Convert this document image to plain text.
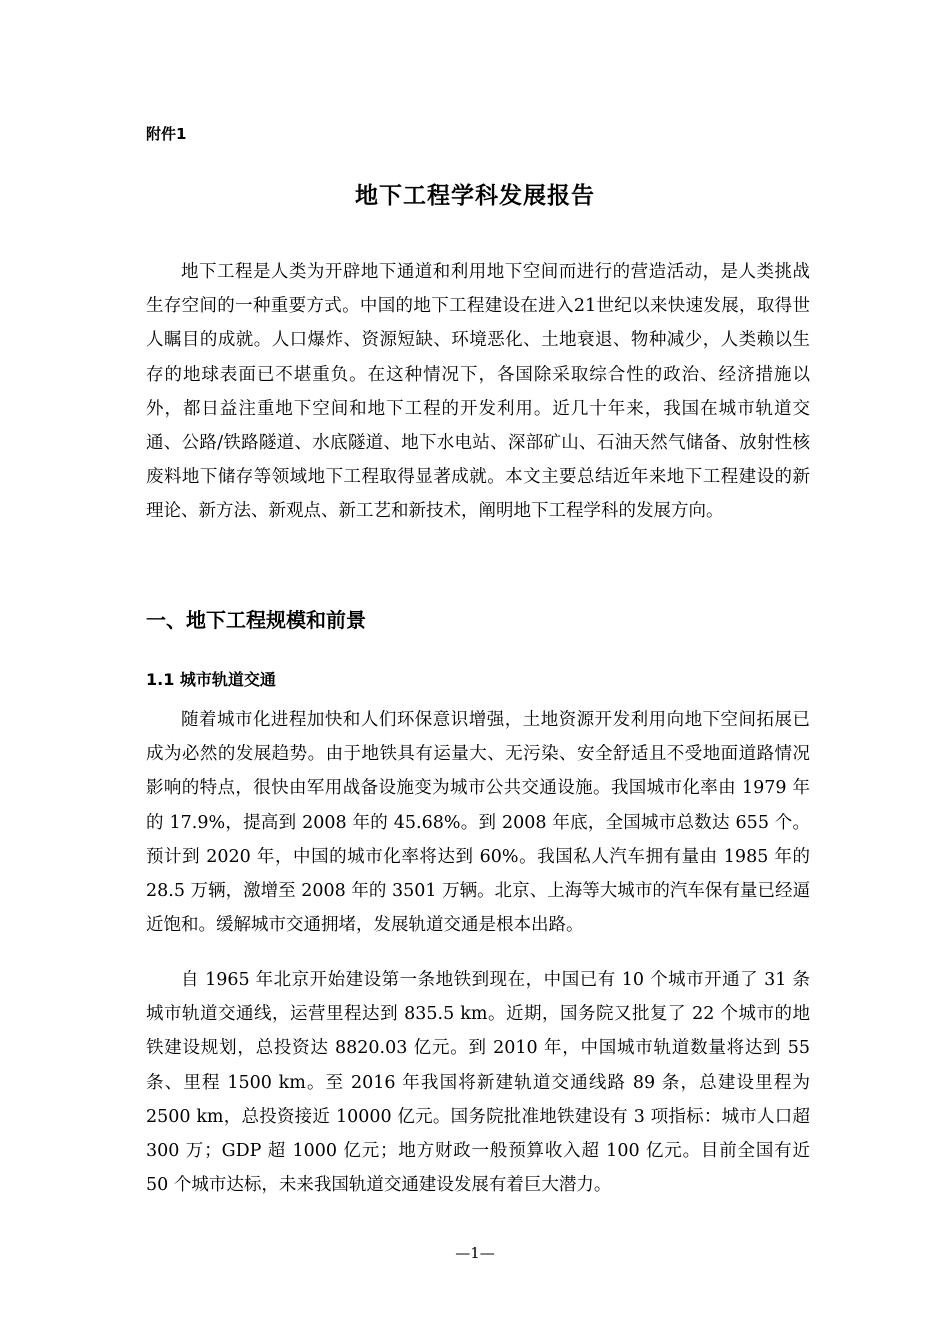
附件1
地下工程学科发展报告

地下工程是人类为开辟地下通道和利用地下空间而进行的营造活动，是人类挑战生存空间的一种重要方式。中国的地下工程建设在进入21世纪以来快速发展，取得世人瞩目的成就。人口爆炸、资源短缺、环境恶化、土地衰退、物种减少，人类赖以生存的地球表面已不堪重负。在这种情况下，各国除采取综合性的政治、经济措施以外，都日益注重地下空间和地下工程的开发利用。近几十年来，我国在城市轨道交通、公路/铁路隧道、水底隧道、地下水电站、深部矿山、石油天然气储备、放射性核废料地下储存等领域地下工程取得显著成就。本文主要总结近年来地下工程建设的新理论、新方法、新观点、新工艺和新技术，阐明地下工程学科的发展方向。

一、地下工程规模和前景
1.1 城市轨道交通

随着城市化进程加快和人们环保意识增强，土地资源开发利用向地下空间拓展已成为必然的发展趋势。由于地铁具有运量大、无污染、安全舒适且不受地面道路情况影响的特点，很快由军用战备设施变为城市公共交通设施。我国城市化率由 1979 年的 17.9%，提高到 2008 年的 45.68%。到 2008 年底，全国城市总数达 655 个。预计到 2020 年，中国的城市化率将达到 60%。我国私人汽车拥有量由 1985 年的 28.5 万辆，激增至 2008 年的 3501 万辆。北京、上海等大城市的汽车保有量已经逼近饱和。缓解城市交通拥堵，发展轨道交通是根本出路。

自 1965 年北京开始建设第一条地铁到现在，中国已有 10 个城市开通了 31 条城市轨道交通线，运营里程达到 835.5 km。近期，国务院又批复了 22 个城市的地铁建设规划，总投资达 8820.03 亿元。到 2010 年，中国城市轨道数量将达到 55 条、里程 1500 km。至 2016 年我国将新建轨道交通线路 89 条，总建设里程为 2500 km，总投资接近 10000 亿元。国务院批准地铁建设有 3 项指标：城市人口超 300 万；GDP 超 1000 亿元；地方财政一般预算收入超 100 亿元。目前全国有近 50 个城市达标，未来我国轨道交通建设发展有着巨大潜力。

—1—
